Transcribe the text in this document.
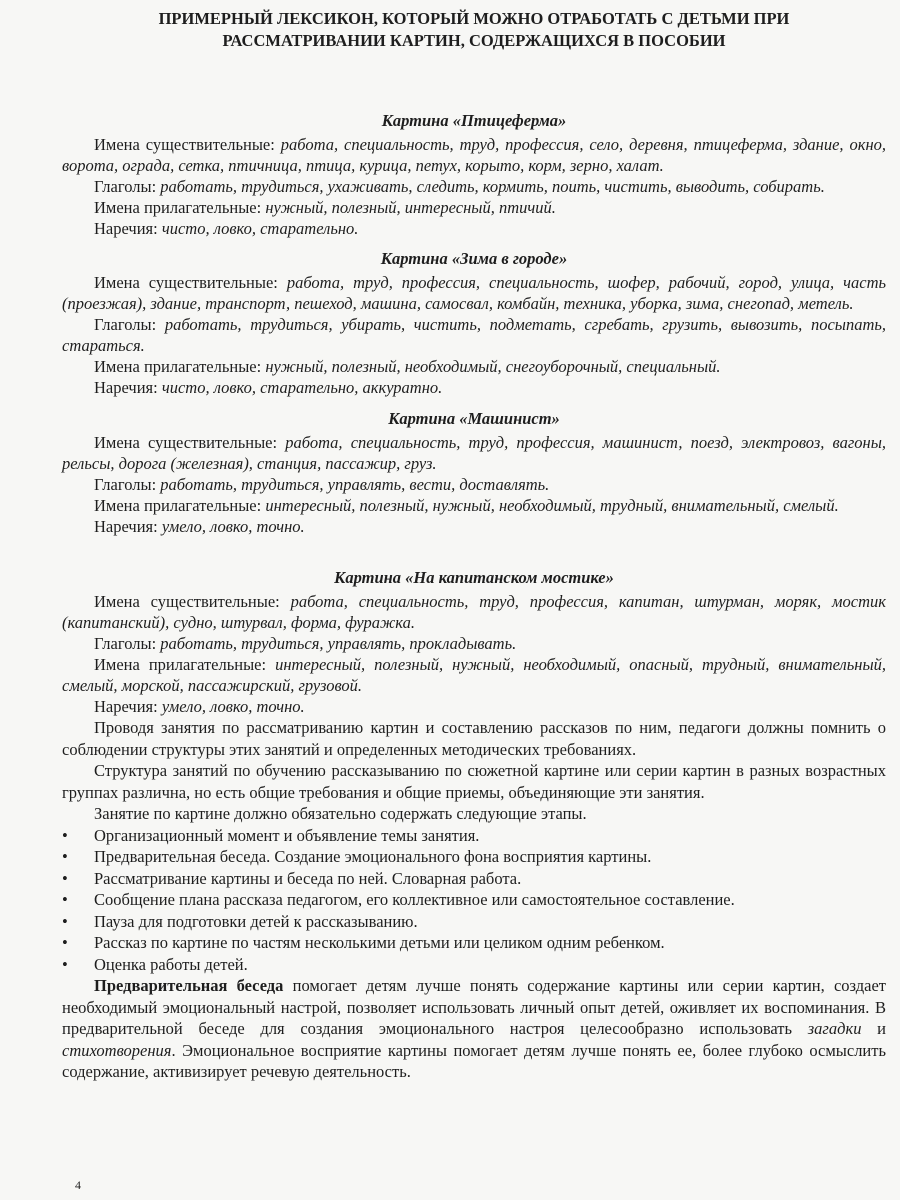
ПРИМЕРНЫЙ ЛЕКСИКОН, КОТОРЫЙ МОЖНО ОТРАБОТАТЬ С ДЕТЬМИ ПРИ
РАССМАТРИВАНИИ КАРТИН, СОДЕРЖАЩИХСЯ В ПОСОБИИ

Картина «Птицеферма»

Имена существительные: работа, специальность, труд, профессия, село, деревня, птицеферма, здание, окно, ворота, ограда, сетка, птичница, птица, курица, петух, корыто, корм, зерно, халат.

Глаголы: работать, трудиться, ухаживать, следить, кормить, поить, чистить, выводить, собирать.

Имена прилагательные: нужный, полезный, интересный, птичий.

Наречия: чисто, ловко, старательно.

Картина «Зима в городе»

Имена существительные: работа, труд, профессия, специальность, шофер, рабочий, город, улица, часть (проезжая), здание, транспорт, пешеход, машина, самосвал, комбайн, техника, уборка, зима, снегопад, метель.

Глаголы: работать, трудиться, убирать, чистить, подметать, сгребать, грузить, вывозить, посыпать, стараться.

Имена прилагательные: нужный, полезный, необходимый, снегоуборочный, специальный.

Наречия: чисто, ловко, старательно, аккуратно.

Картина «Машинист»

Имена существительные: работа, специальность, труд, профессия, машинист, поезд, электровоз, вагоны, рельсы, дорога (железная), станция, пассажир, груз.

Глаголы: работать, трудиться, управлять, вести, доставлять.

Имена прилагательные: интересный, полезный, нужный, необходимый, трудный, внимательный, смелый.

Наречия: умело, ловко, точно.

Картина «На капитанском мостике»

Имена существительные: работа, специальность, труд, профессия, капитан, штурман, моряк, мостик (капитанский), судно, штурвал, форма, фуражка.

Глаголы: работать, трудиться, управлять, прокладывать.

Имена прилагательные: интересный, полезный, нужный, необходимый, опасный, трудный, внимательный, смелый, морской, пассажирский, грузовой.

Наречия: умело, ловко, точно.

Проводя занятия по рассматриванию картин и составлению рассказов по ним, педагоги должны помнить о соблюдении структуры этих занятий и определенных методических требованиях.

Структура занятий по обучению рассказыванию по сюжетной картине или серии картин в разных возрастных группах различна, но есть общие требования и общие приемы, объединяющие эти занятия.

Занятие по картине должно обязательно содержать следующие этапы.

• Организационный момент и объявление темы занятия.
• Предварительная беседа. Создание эмоционального фона восприятия картины.
• Рассматривание картины и беседа по ней. Словарная работа.
• Сообщение плана рассказа педагогом, его коллективное или самостоятельное составление.
• Пауза для подготовки детей к рассказыванию.
• Рассказ по картине по частям несколькими детьми или целиком одним ребенком.
• Оценка работы детей.

Предварительная беседа помогает детям лучше понять содержание картины или серии картин, создает необходимый эмоциональный настрой, позволяет использовать личный опыт детей, оживляет их воспоминания. В предварительной беседе для создания эмоционального настроя целесообразно использовать загадки и стихотворения. Эмоциональное восприятие картины помогает детям лучше понять ее, более глубоко осмыслить содержание, активизирует речевую деятельность.

4
